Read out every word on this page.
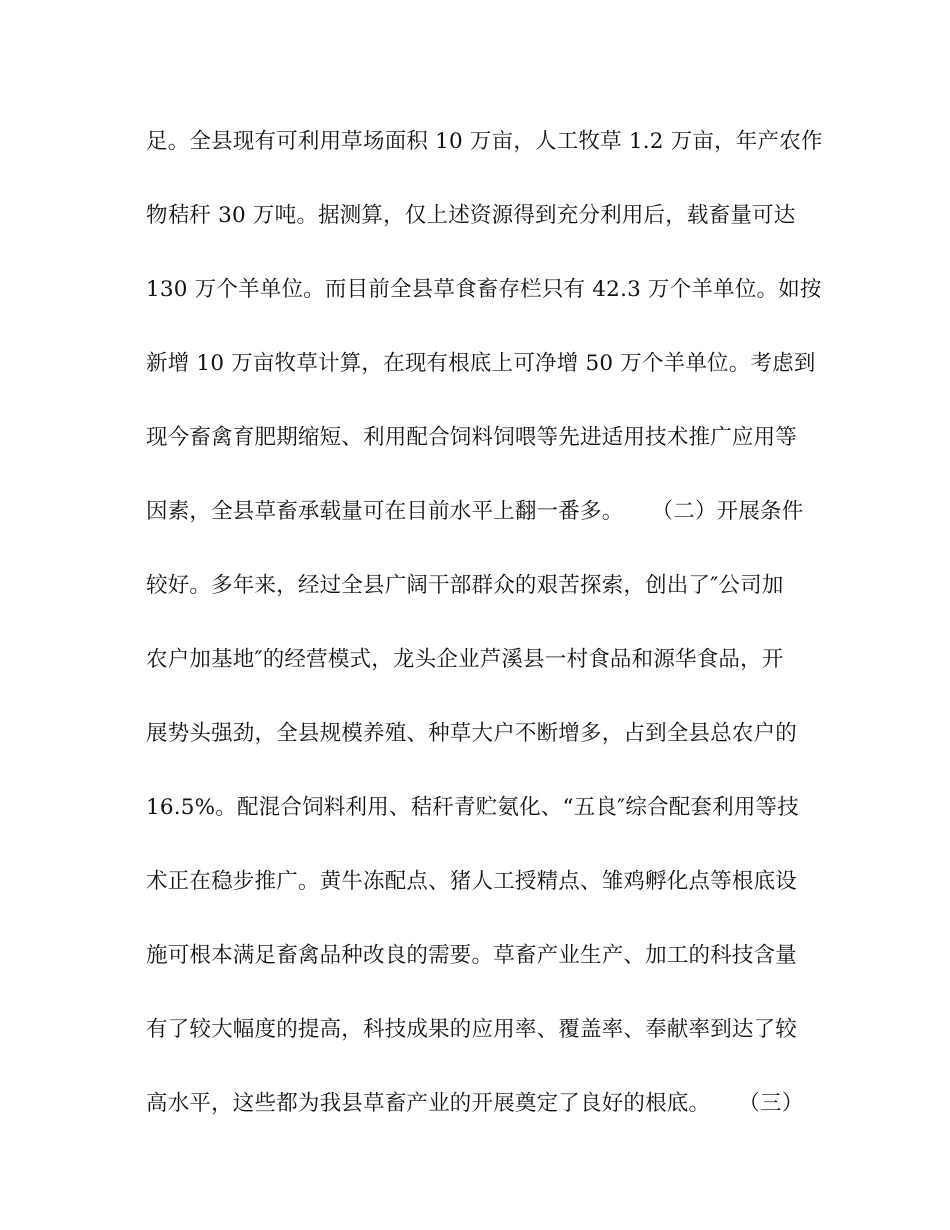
足。全县现有可利用草场面积 10 万亩，人工牧草 1.2 万亩，年产农作
物秸秆 30 万吨。据测算，仅上述资源得到充分利用后，载畜量可达
130 万个羊单位。而目前全县草食畜存栏只有 42.3 万个羊单位。如按
新增 10 万亩牧草计算，在现有根底上可净增 50 万个羊单位。考虑到
现今畜禽育肥期缩短、利用配合饲料饲喂等先进适用技术推广应用等
因素，全县草畜承载量可在目前水平上翻一番多。    （二）开展条件
较好。多年来，经过全县广阔干部群众的艰苦探索，创出了″公司加
农户加基地″的经营模式，龙头企业芦溪县一村食品和源华食品，开
展势头强劲，全县规模养殖、种草大户不断增多，占到全县总农户的
16.5%。配混合饲料利用、秸秆青贮氨化、“五良″综合配套利用等技
术正在稳步推广。黄牛冻配点、猪人工授精点、雏鸡孵化点等根底设
施可根本满足畜禽品种改良的需要。草畜产业生产、加工的科技含量
有了较大幅度的提高，科技成果的应用率、覆盖率、奉献率到达了较
高水平，这些都为我县草畜产业的开展奠定了良好的根底。    （三）
